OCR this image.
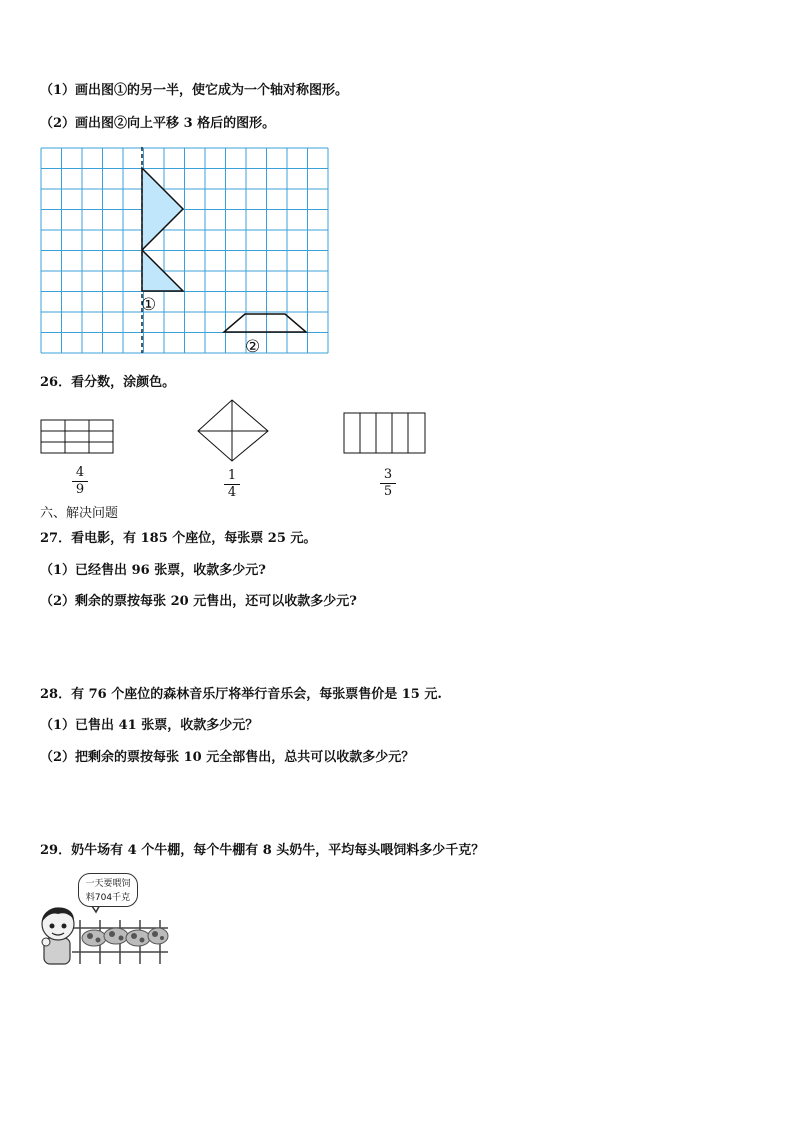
（1）画出图①的另一半，使它成为一个轴对称图形。
（2）画出图②向上平移 3 格后的图形。
①
②
26．看分数，涂颜色。
4
9
1
4
3
5
六、解决问题
27．看电影，有 185 个座位，每张票 25 元。
（1）已经售出 96 张票，收款多少元?
（2）剩余的票按每张 20 元售出，还可以收款多少元?
28．有 76 个座位的森林音乐厅将举行音乐会，每张票售价是 15 元.
（1）已售出 41 张票，收款多少元？
（2）把剩余的票按每张 10 元全部售出，总共可以收款多少元？
29．奶牛场有 4 个牛棚，每个牛棚有 8 头奶牛，平均每头喂饲料多少千克？
一天要喂饲
料704千克
